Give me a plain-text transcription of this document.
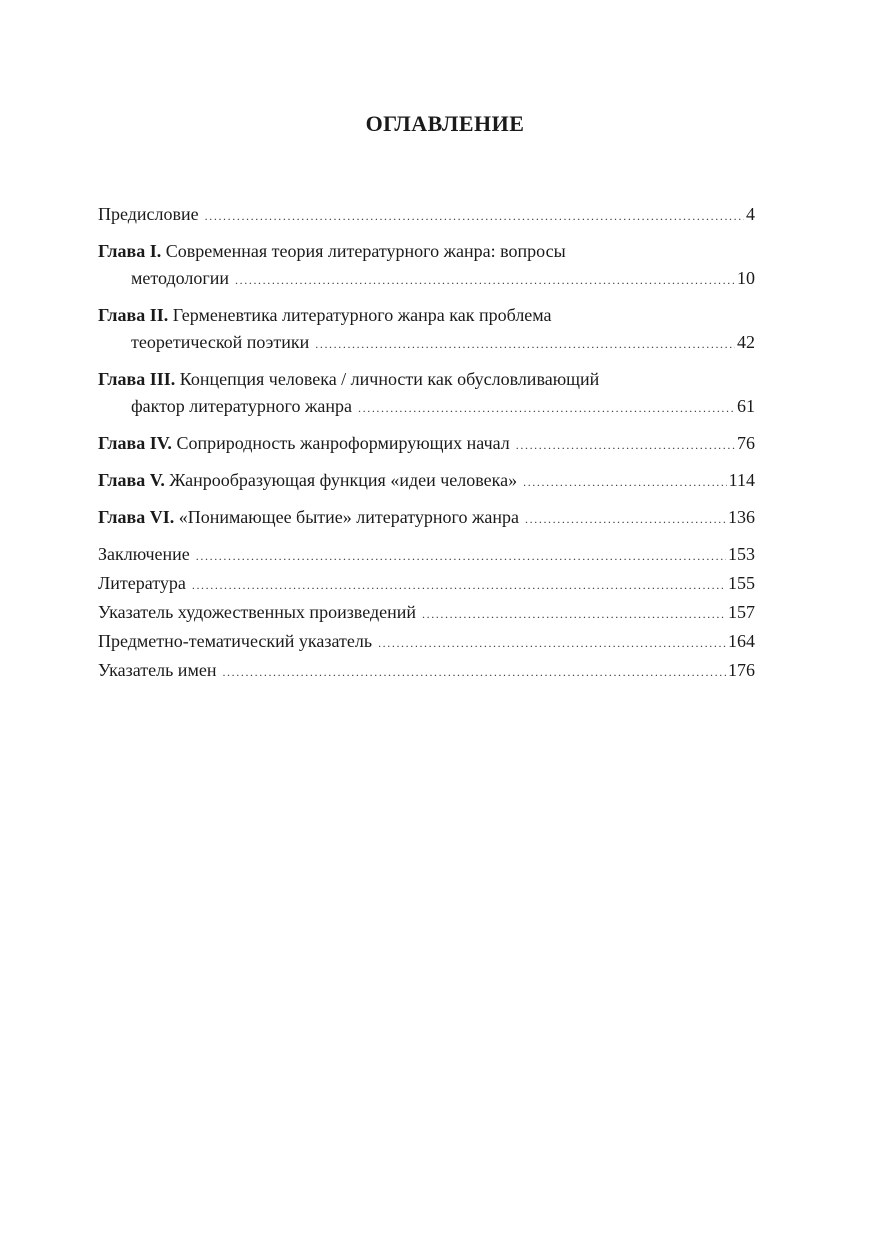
ОГЛАВЛЕНИЕ
Предисловие .....	4
Глава I. Современная теория литературного жанра: вопросы
методологии .....	10
Глава II. Герменевтика литературного жанра как проблема
теоретической поэтики .....	42
Глава III. Концепция человека / личности как обусловливающий
фактор литературного жанра .....	61
Глава IV. Соприродность жанроформирующих начал .....	76
Глава V. Жанрообразующая функция «идеи человека» .....	114
Глава VI. «Понимающее бытие» литературного жанра .....	136
Заключение .....	153
Литература .....	155
Указатель художественных произведений .....	157
Предметно-тематический указатель .....	164
Указатель имен .....	176
